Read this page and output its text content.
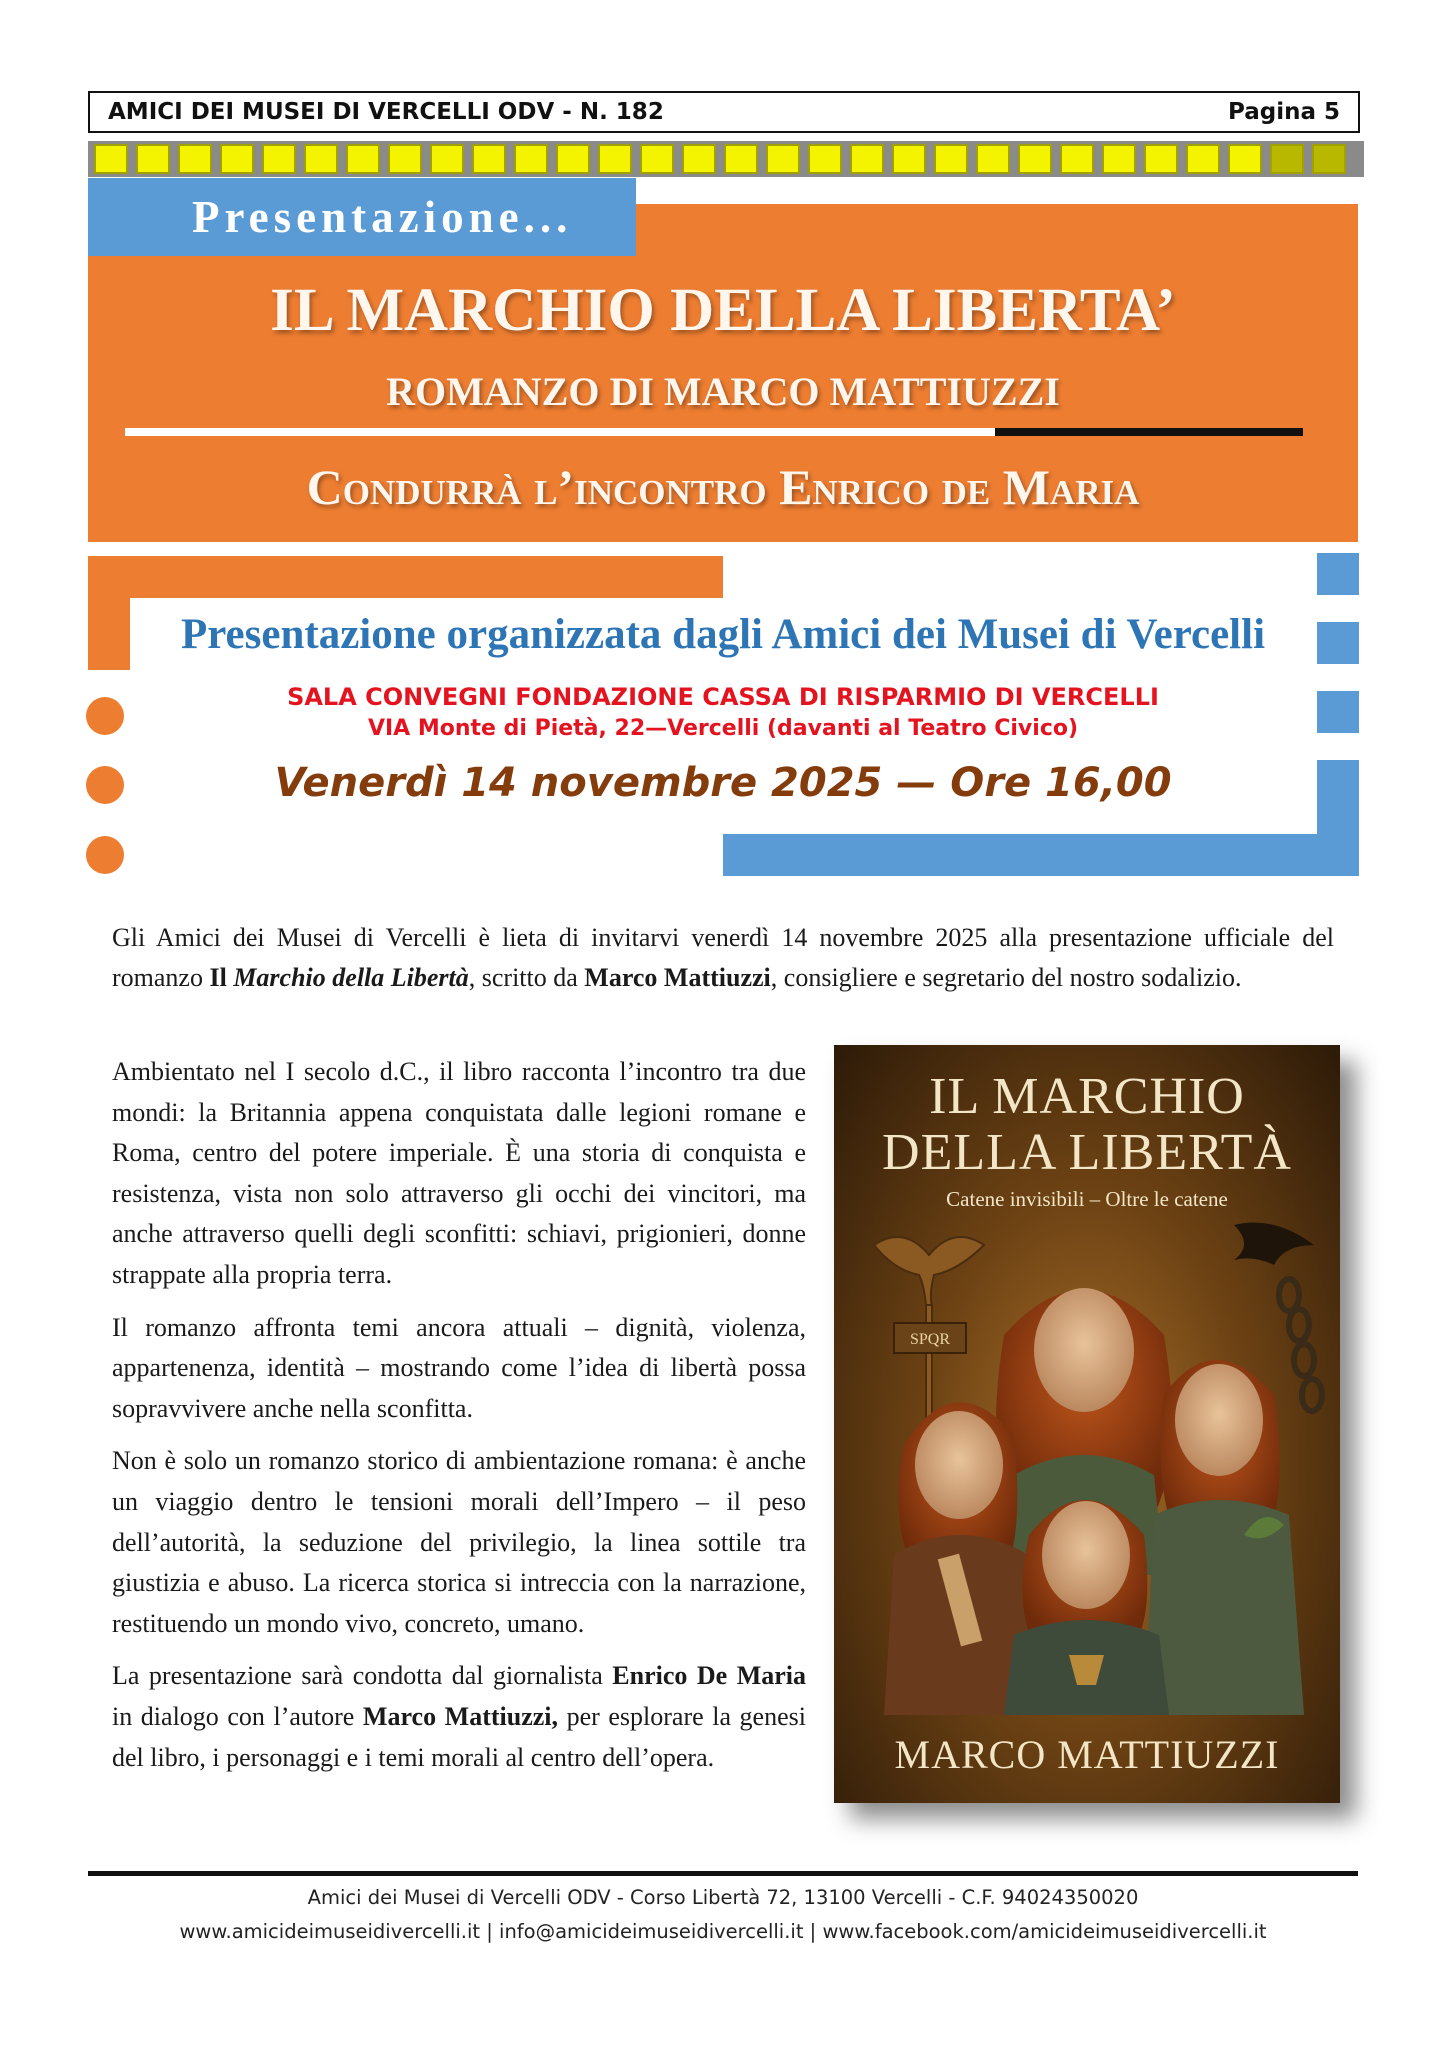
AMICI DEI MUSEI DI VERCELLI ODV - N. 182	Pagina 5
Presentazione...
IL MARCHIO DELLA LIBERTA’
ROMANZO DI MARCO MATTIUZZI
Condurrà l’incontro Enrico de Maria
Presentazione organizzata dagli Amici dei Musei di Vercelli
SALA CONVEGNI FONDAZIONE CASSA DI RISPARMIO DI VERCELLI
VIA Monte di Pietà, 22—Vercelli (davanti al Teatro Civico)
Venerdì 14 novembre 2025 — Ore 16,00
Gli Amici dei Musei di Vercelli è lieta di invitarvi venerdì 14 novembre 2025 alla presentazione ufficiale del romanzo Il Marchio della Libertà, scritto da Marco Mattiuzzi, consigliere e segretario del nostro sodalizio.

Ambientato nel I secolo d.C., il libro racconta l’incontro tra due mondi: la Britannia appena conquistata dalle legioni romane e Roma, centro del potere imperiale. È una storia di conquista e resistenza, vista non solo attraverso gli occhi dei vincitori, ma anche attraverso quelli degli sconfitti: schiavi, prigionieri, donne strappate alla propria terra.

Il romanzo affronta temi ancora attuali – dignità, violenza, appartenenza, identità – mostrando come l’idea di libertà possa sopravvivere anche nella sconfitta.

Non è solo un romanzo storico di ambientazione romana: è anche un viaggio dentro le tensioni morali dell’Impero – il peso dell’autorità, la seduzione del privilegio, la linea sottile tra giustizia e abuso. La ricerca storica si intreccia con la narrazione, restituendo un mondo vivo, concreto, umano.

La presentazione sarà condotta dal giornalista Enrico De Maria in dialogo con l’autore Marco Mattiuzzi, per esplorare la genesi del libro, i personaggi e i temi morali al centro dell’opera.

IL MARCHIO
DELLA LIBERTÀ
Catene invisibili – Oltre le catene
SPQR
MARCO MATTIUZZI
Amici dei Musei di Vercelli ODV - Corso Libertà 72, 13100 Vercelli - C.F. 94024350020
www.amicideimuseidivercelli.it | info@amicideimuseidivercelli.it | www.facebook.com/amicideimuseidivercelli.it
